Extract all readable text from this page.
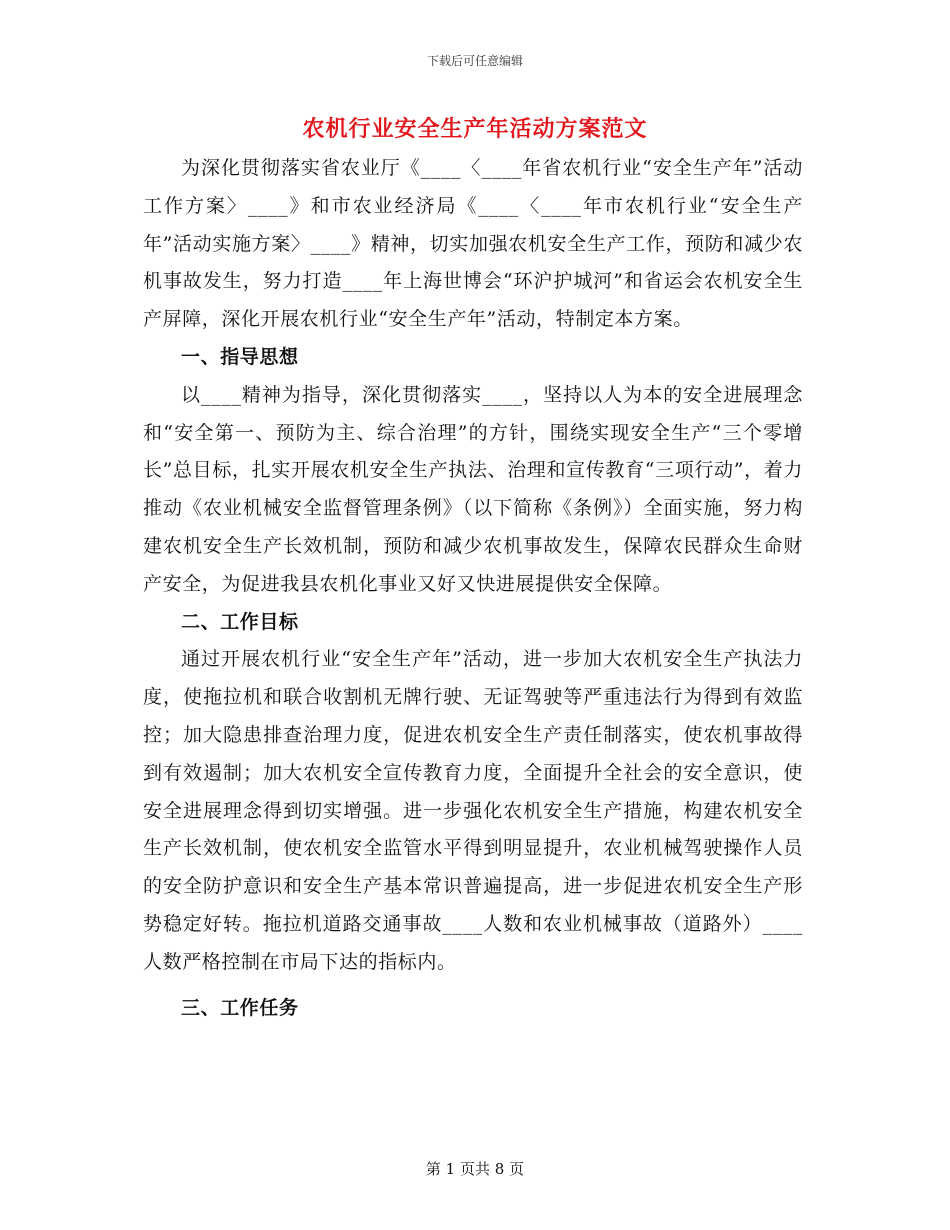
下载后可任意编辑
农机行业安全生产年活动方案范文

为深化贯彻落实省农业厅《____〈____年省农机行业“安全生产年”活动工作方案〉____》和市农业经济局《____〈____年市农机行业“安全生产年”活动实施方案〉____》精神，切实加强农机安全生产工作，预防和减少农机事故发生，努力打造____年上海世博会“环沪护城河”和省运会农机安全生产屏障，深化开展农机行业“安全生产年”活动，特制定本方案。

一、指导思想

以____精神为指导，深化贯彻落实____，坚持以人为本的安全进展理念和“安全第一、预防为主、综合治理”的方针，围绕实现安全生产“三个零增长”总目标，扎实开展农机安全生产执法、治理和宣传教育“三项行动”，着力推动《农业机械安全监督管理条例》（以下简称《条例》）全面实施，努力构建农机安全生产长效机制，预防和减少农机事故发生，保障农民群众生命财产安全，为促进我县农机化事业又好又快进展提供安全保障。

二、工作目标

通过开展农机行业“安全生产年”活动，进一步加大农机安全生产执法力度，使拖拉机和联合收割机无牌行驶、无证驾驶等严重违法行为得到有效监控；加大隐患排查治理力度，促进农机安全生产责任制落实，使农机事故得到有效遏制；加大农机安全宣传教育力度，全面提升全社会的安全意识，使安全进展理念得到切实增强。进一步强化农机安全生产措施，构建农机安全生产长效机制，使农机安全监管水平得到明显提升，农业机械驾驶操作人员的安全防护意识和安全生产基本常识普遍提高，进一步促进农机安全生产形势稳定好转。拖拉机道路交通事故____人数和农业机械事故（道路外）____人数严格控制在市局下达的指标内。

三、工作任务

第 1 页共 8 页
